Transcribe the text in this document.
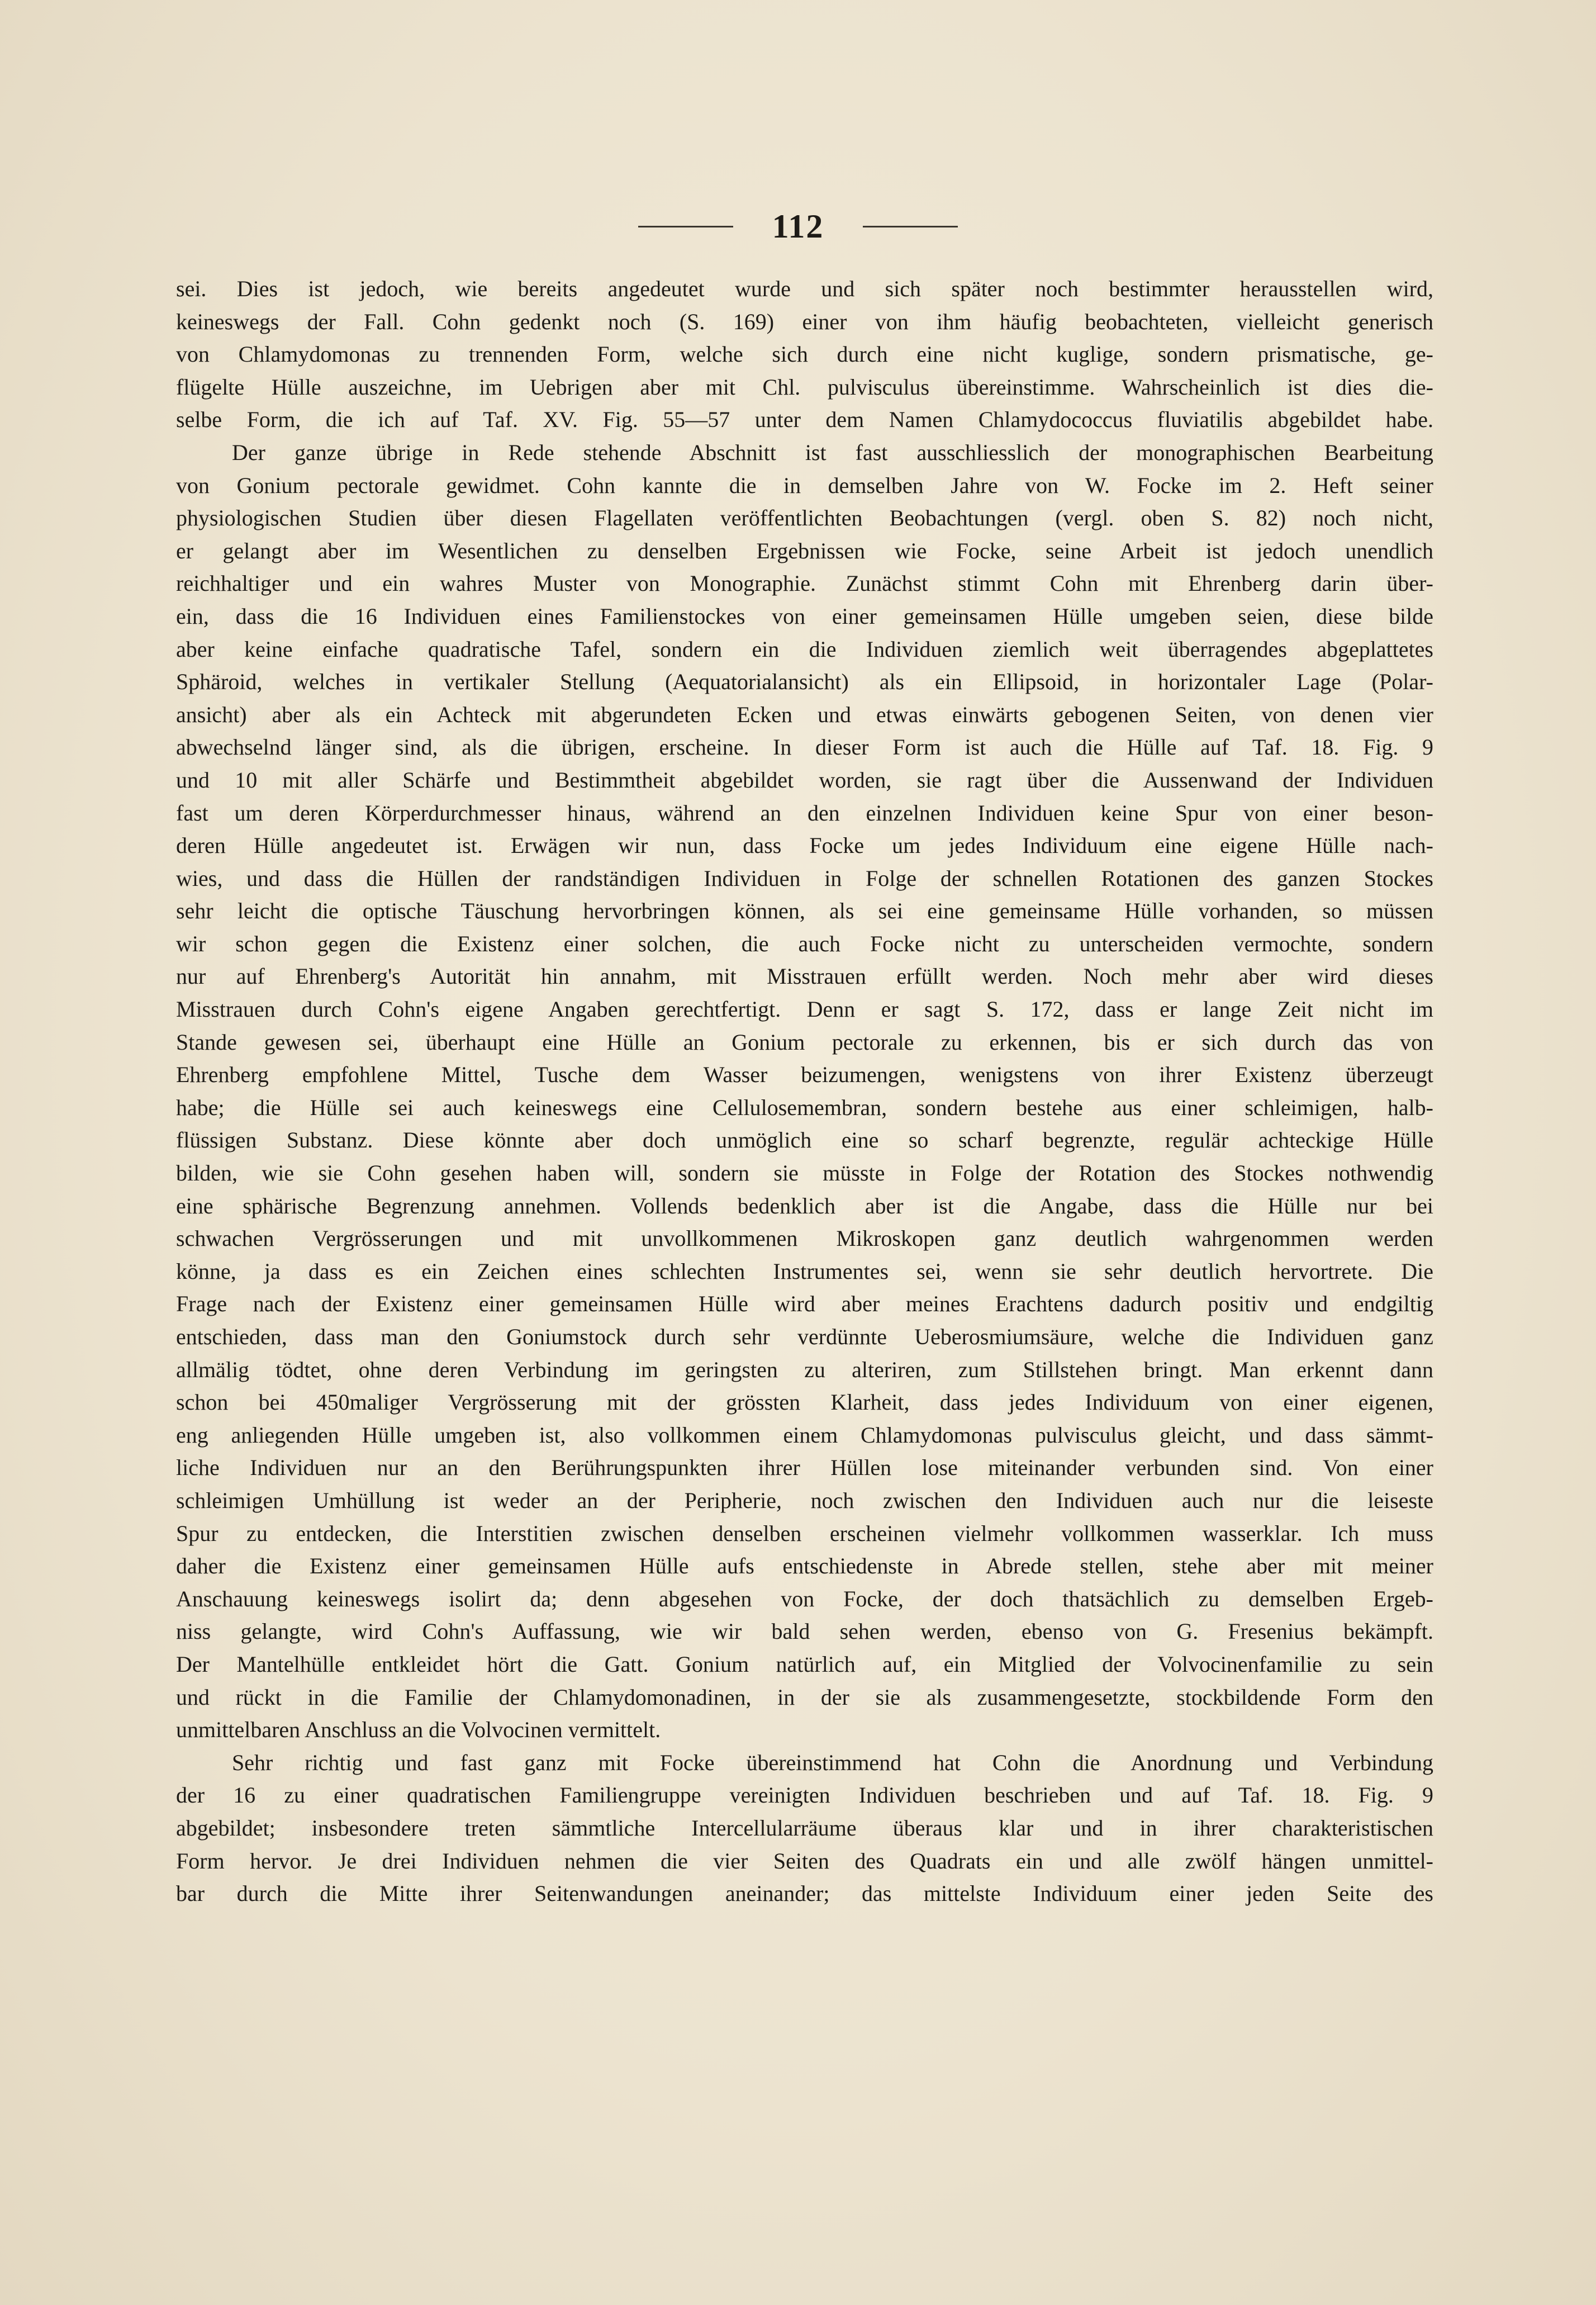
112
sei. Dies ist jedoch, wie bereits angedeutet wurde und sich später noch bestimmter herausstellen wird,
keineswegs der Fall. Cohn gedenkt noch (S. 169) einer von ihm häufig beobachteten, vielleicht generisch
von Chlamydomonas zu trennenden Form, welche sich durch eine nicht kuglige, sondern prismatische, ge-
flügelte Hülle auszeichne, im Uebrigen aber mit Chl. pulvisculus übereinstimme. Wahrscheinlich ist dies die-
selbe Form, die ich auf Taf. XV. Fig. 55—57 unter dem Namen Chlamydococcus fluviatilis abgebildet habe.
Der ganze übrige in Rede stehende Abschnitt ist fast ausschliesslich der monographischen Bearbeitung
von Gonium pectorale gewidmet. Cohn kannte die in demselben Jahre von W. Focke im 2. Heft seiner
physiologischen Studien über diesen Flagellaten veröffentlichten Beobachtungen (vergl. oben S. 82) noch nicht,
er gelangt aber im Wesentlichen zu denselben Ergebnissen wie Focke, seine Arbeit ist jedoch unendlich
reichhaltiger und ein wahres Muster von Monographie. Zunächst stimmt Cohn mit Ehrenberg darin über-
ein, dass die 16 Individuen eines Familienstockes von einer gemeinsamen Hülle umgeben seien, diese bilde
aber keine einfache quadratische Tafel, sondern ein die Individuen ziemlich weit überragendes abgeplattetes
Sphäroid, welches in vertikaler Stellung (Aequatorialansicht) als ein Ellipsoid, in horizontaler Lage (Polar-
ansicht) aber als ein Achteck mit abgerundeten Ecken und etwas einwärts gebogenen Seiten, von denen vier
abwechselnd länger sind, als die übrigen, erscheine. In dieser Form ist auch die Hülle auf Taf. 18. Fig. 9
und 10 mit aller Schärfe und Bestimmtheit abgebildet worden, sie ragt über die Aussenwand der Individuen
fast um deren Körperdurchmesser hinaus, während an den einzelnen Individuen keine Spur von einer beson-
deren Hülle angedeutet ist. Erwägen wir nun, dass Focke um jedes Individuum eine eigene Hülle nach-
wies, und dass die Hüllen der randständigen Individuen in Folge der schnellen Rotationen des ganzen Stockes
sehr leicht die optische Täuschung hervorbringen können, als sei eine gemeinsame Hülle vorhanden, so müssen
wir schon gegen die Existenz einer solchen, die auch Focke nicht zu unterscheiden vermochte, sondern
nur auf Ehrenberg's Autorität hin annahm, mit Misstrauen erfüllt werden. Noch mehr aber wird dieses
Misstrauen durch Cohn's eigene Angaben gerechtfertigt. Denn er sagt S. 172, dass er lange Zeit nicht im
Stande gewesen sei, überhaupt eine Hülle an Gonium pectorale zu erkennen, bis er sich durch das von
Ehrenberg empfohlene Mittel, Tusche dem Wasser beizumengen, wenigstens von ihrer Existenz überzeugt
habe; die Hülle sei auch keineswegs eine Cellulosemembran, sondern bestehe aus einer schleimigen, halb-
flüssigen Substanz. Diese könnte aber doch unmöglich eine so scharf begrenzte, regulär achteckige Hülle
bilden, wie sie Cohn gesehen haben will, sondern sie müsste in Folge der Rotation des Stockes nothwendig
eine sphärische Begrenzung annehmen. Vollends bedenklich aber ist die Angabe, dass die Hülle nur bei
schwachen Vergrösserungen und mit unvollkommenen Mikroskopen ganz deutlich wahrgenommen werden
könne, ja dass es ein Zeichen eines schlechten Instrumentes sei, wenn sie sehr deutlich hervortrete. Die
Frage nach der Existenz einer gemeinsamen Hülle wird aber meines Erachtens dadurch positiv und endgiltig
entschieden, dass man den Goniumstock durch sehr verdünnte Ueberosmiumsäure, welche die Individuen ganz
allmälig tödtet, ohne deren Verbindung im geringsten zu alteriren, zum Stillstehen bringt. Man erkennt dann
schon bei 450maliger Vergrösserung mit der grössten Klarheit, dass jedes Individuum von einer eigenen,
eng anliegenden Hülle umgeben ist, also vollkommen einem Chlamydomonas pulvisculus gleicht, und dass sämmt-
liche Individuen nur an den Berührungspunkten ihrer Hüllen lose miteinander verbunden sind. Von einer
schleimigen Umhüllung ist weder an der Peripherie, noch zwischen den Individuen auch nur die leiseste
Spur zu entdecken, die Interstitien zwischen denselben erscheinen vielmehr vollkommen wasserklar. Ich muss
daher die Existenz einer gemeinsamen Hülle aufs entschiedenste in Abrede stellen, stehe aber mit meiner
Anschauung keineswegs isolirt da; denn abgesehen von Focke, der doch thatsächlich zu demselben Ergeb-
niss gelangte, wird Cohn's Auffassung, wie wir bald sehen werden, ebenso von G. Fresenius bekämpft.
Der Mantelhülle entkleidet hört die Gatt. Gonium natürlich auf, ein Mitglied der Volvocinenfamilie zu sein
und rückt in die Familie der Chlamydomonadinen, in der sie als zusammengesetzte, stockbildende Form den
unmittelbaren Anschluss an die Volvocinen vermittelt.
Sehr richtig und fast ganz mit Focke übereinstimmend hat Cohn die Anordnung und Verbindung
der 16 zu einer quadratischen Familiengruppe vereinigten Individuen beschrieben und auf Taf. 18. Fig. 9
abgebildet; insbesondere treten sämmtliche Intercellularräume überaus klar und in ihrer charakteristischen
Form hervor. Je drei Individuen nehmen die vier Seiten des Quadrats ein und alle zwölf hängen unmittel-
bar durch die Mitte ihrer Seitenwandungen aneinander; das mittelste Individuum einer jeden Seite des
